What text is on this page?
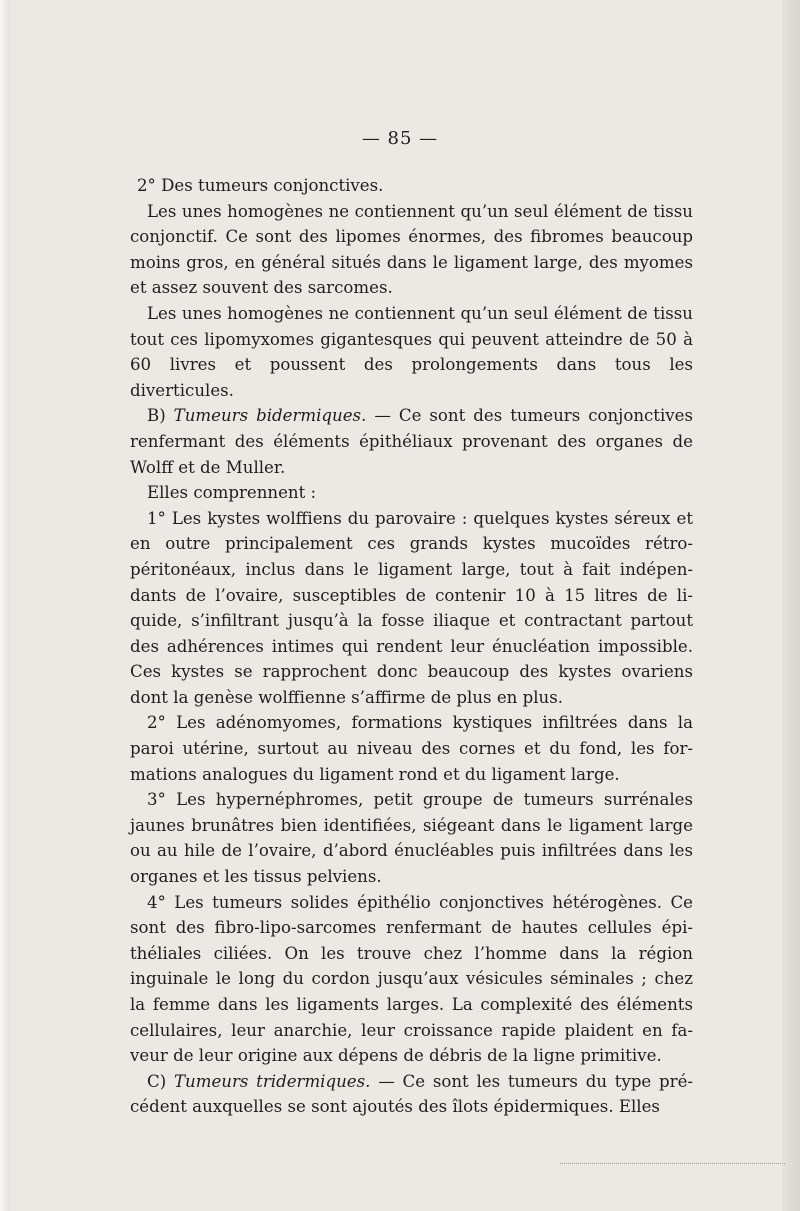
— 85 —

2° Des tumeurs conjonctives.

Les unes homogènes ne contiennent qu’un seul élément de tissu conjonctif. Ce sont des lipomes énormes, des fibromes beaucoup moins gros, en général situés dans le ligament large, des myomes et assez souvent des sarcomes.

Les unes homogènes ne contiennent qu’un seul élément de tissu tout ces lipomyxomes gigantesques qui peuvent atteindre de 50 à 60 livres et poussent des prolongements dans tous les diverticules.

B) Tumeurs bidermiques. — Ce sont des tumeurs conjonctives renfermant des éléments épithéliaux provenant des organes de Wolff et de Muller.

Elles comprennent :

1° Les kystes wolffiens du parovaire : quelques kystes séreux et en outre principalement ces grands kystes mucoïdes rétropéritonéaux, inclus dans le ligament large, tout à fait indépendants de l’ovaire, susceptibles de contenir 10 à 15 litres de liquide, s’infiltrant jusqu’à la fosse iliaque et contractant partout des adhérences intimes qui rendent leur énucléation impossible. Ces kystes se rapprochent donc beaucoup des kystes ovariens dont la genèse wolffienne s’affirme de plus en plus.

2° Les adénomyomes, formations kystiques infiltrées dans la paroi utérine, surtout au niveau des cornes et du fond, les formations analogues du ligament rond et du ligament large.

3° Les hypernéphromes, petit groupe de tumeurs surrénales jaunes brunâtres bien identifiées, siégeant dans le ligament large ou au hile de l’ovaire, d’abord énucléables puis infiltrées dans les organes et les tissus pelviens.

4° Les tumeurs solides épithélio conjonctives hétérogènes. Ce sont des fibro-lipo-sarcomes renfermant de hautes cellules épithéliales ciliées. On les trouve chez l’homme dans la région inguinale le long du cordon jusqu’aux vésicules séminales ; chez la femme dans les ligaments larges. La complexité des éléments cellulaires, leur anarchie, leur croissance rapide plaident en faveur de leur origine aux dépens de débris de la ligne primitive.

C) Tumeurs tridermiques. — Ce sont les tumeurs du type précédent auxquelles se sont ajoutés des îlots épidermiques. Elles
